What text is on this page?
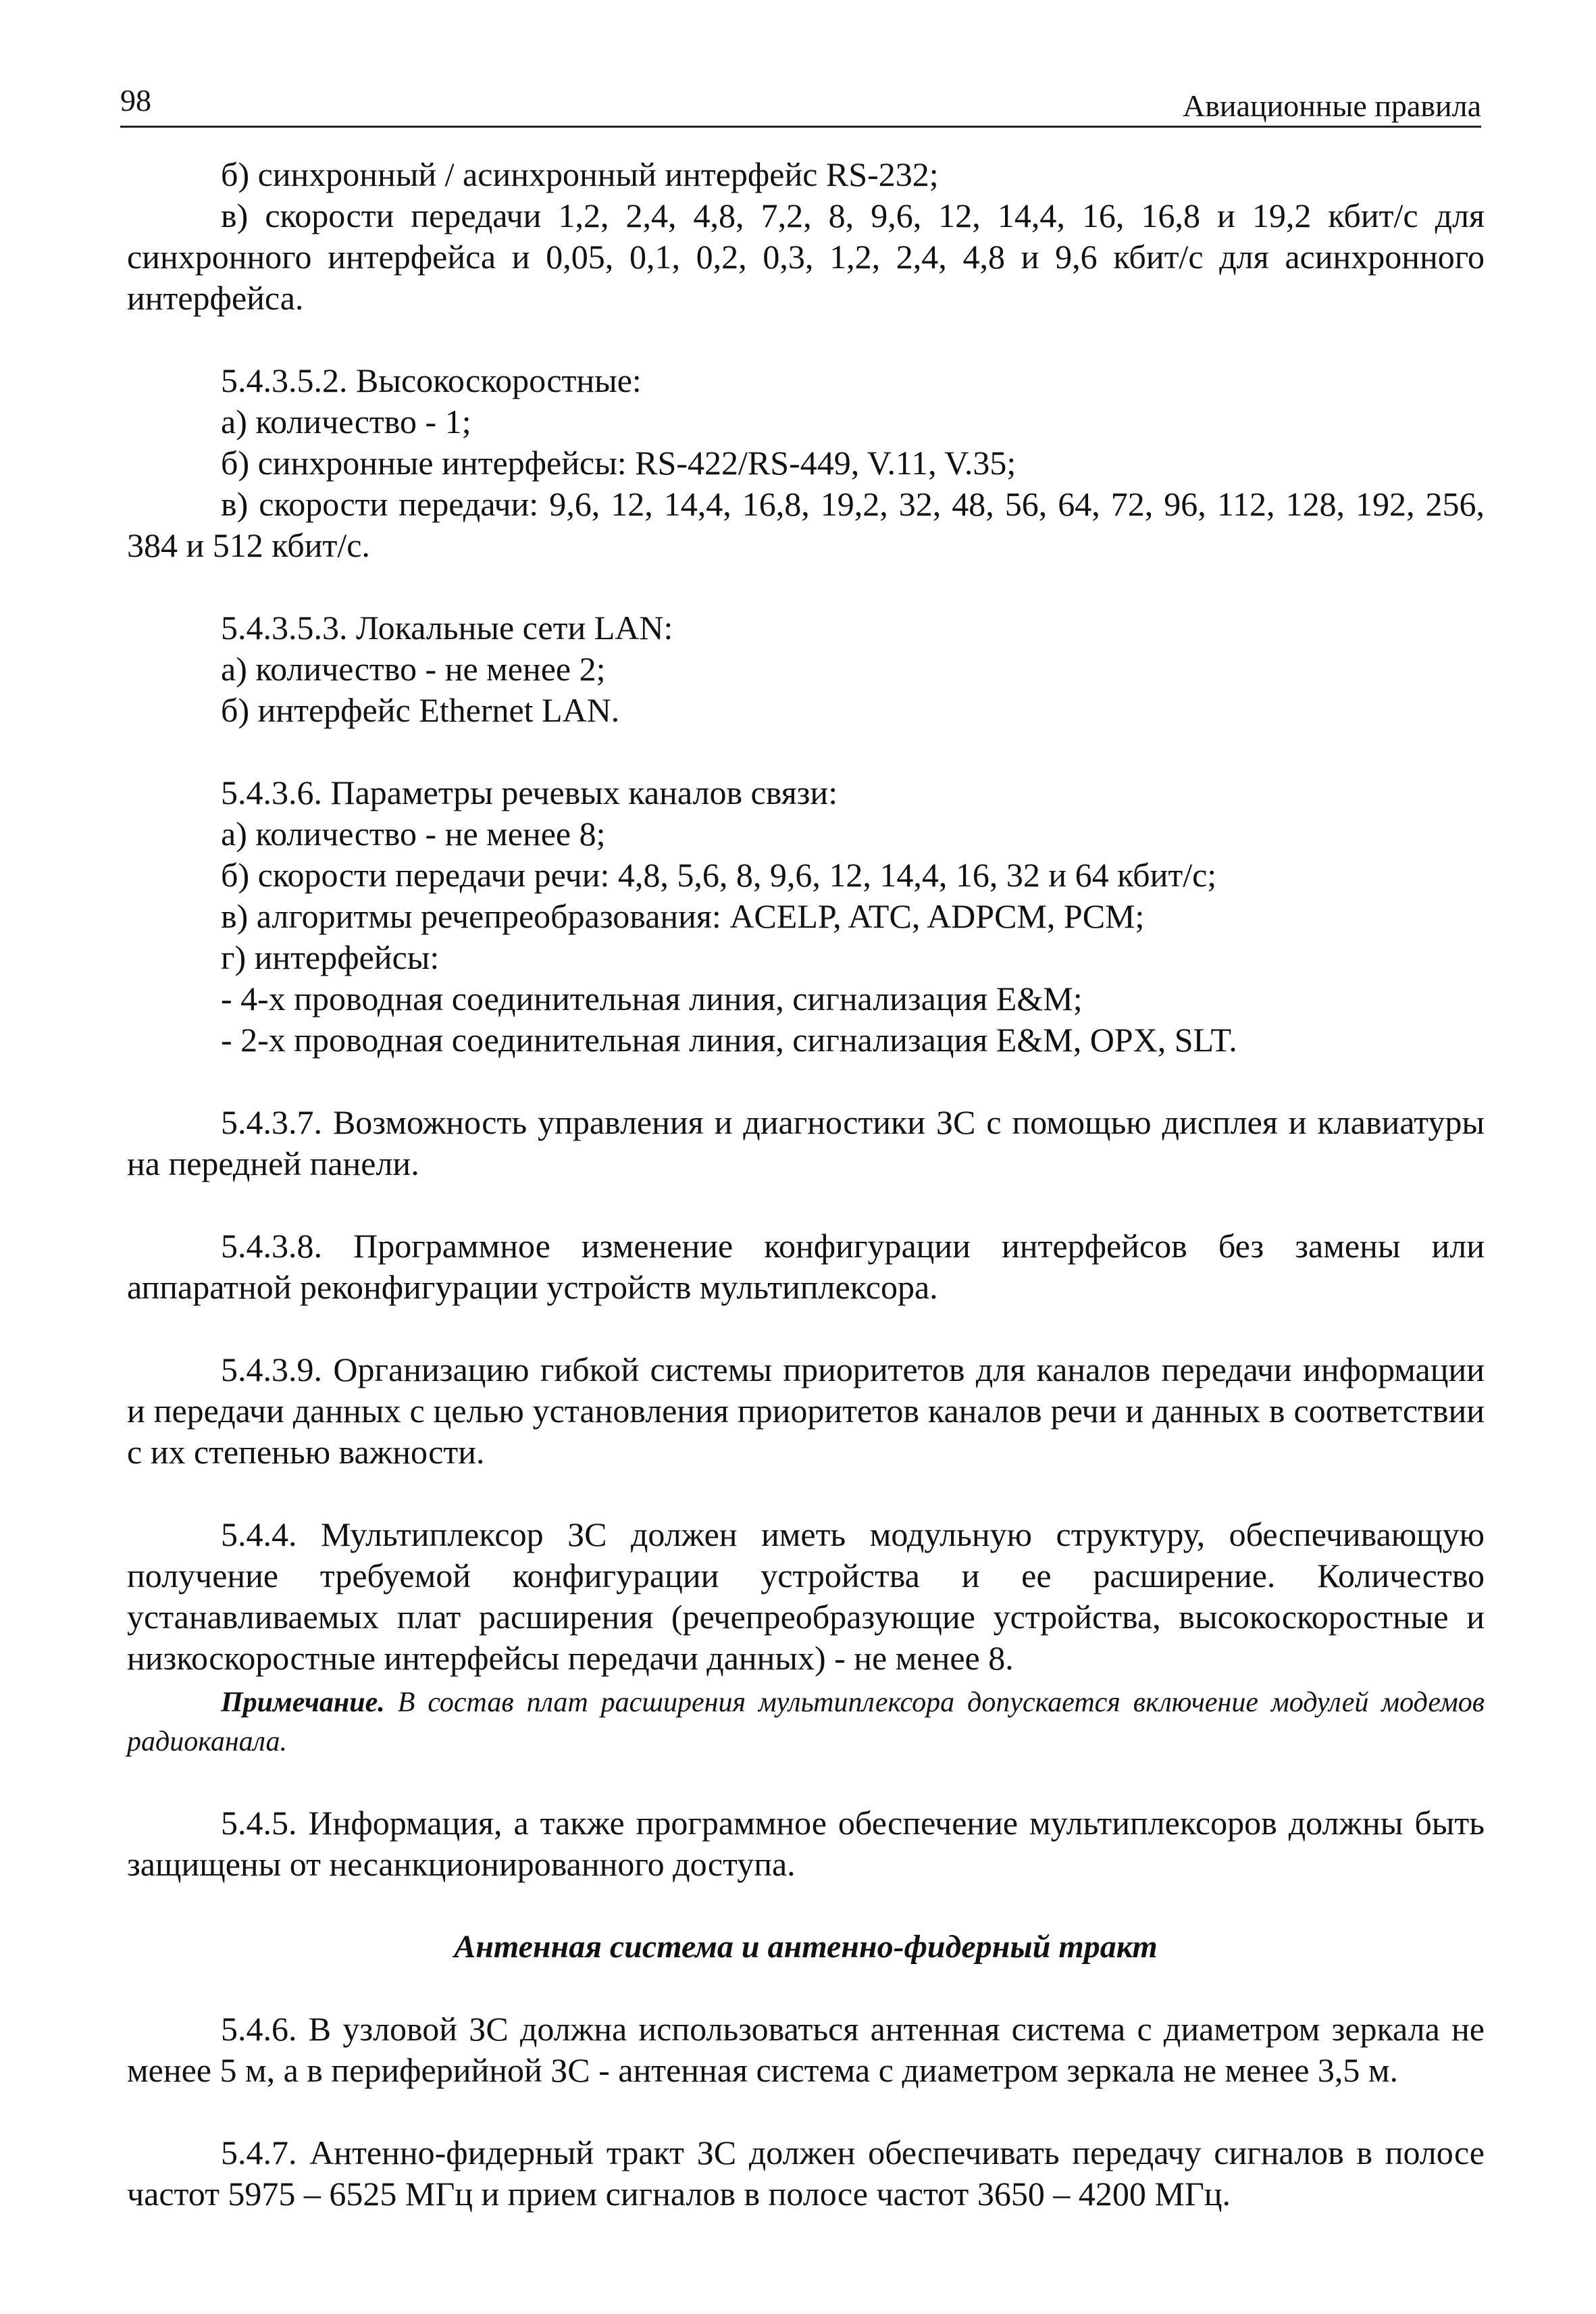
98	Авиационные правила

б) синхронный / асинхронный интерфейс RS-232;

в) скорости передачи 1,2, 2,4, 4,8, 7,2, 8, 9,6, 12, 14,4, 16, 16,8 и 19,2 кбит/с для синхронного интерфейса и 0,05, 0,1, 0,2, 0,3, 1,2, 2,4, 4,8 и 9,6 кбит/с для асинхронного интерфейса.

5.4.3.5.2. Высокоскоростные:

а) количество - 1;

б) синхронные интерфейсы: RS-422/RS-449, V.11, V.35;

в) скорости передачи: 9,6, 12, 14,4, 16,8, 19,2, 32, 48, 56, 64, 72, 96, 112, 128, 192, 256, 384 и 512 кбит/с.

5.4.3.5.3. Локальные сети LAN:

а) количество - не менее 2;

б) интерфейс Ethernet LAN.

5.4.3.6. Параметры речевых каналов связи:

а) количество - не менее 8;

б) скорости передачи речи: 4,8, 5,6, 8, 9,6, 12, 14,4, 16, 32 и 64 кбит/с;

в) алгоритмы речепреобразования: ACELP, ATC, ADPCM, PCM;

г) интерфейсы:

- 4-х проводная соединительная линия, сигнализация E&M;

- 2-х проводная соединительная линия, сигнализация E&M, OPX, SLT.

5.4.3.7. Возможность управления и диагностики ЗС с помощью дисплея и клавиатуры на передней панели.

5.4.3.8. Программное изменение конфигурации интерфейсов без замены или аппаратной реконфигурации устройств мультиплексора.

5.4.3.9. Организацию гибкой системы приоритетов для каналов передачи информации и передачи данных с целью установления приоритетов каналов речи и данных в соответствии с их степенью важности.

5.4.4. Мультиплексор ЗС должен иметь модульную структуру, обеспечивающую получение требуемой конфигурации устройства и ее расширение. Количество устанавливаемых плат расширения (речепреобразующие устройства, высокоскоростные и низкоскоростные интерфейсы передачи данных) - не менее 8.

Примечание. В состав плат расширения мультиплексора допускается включение модулей модемов радиоканала.

5.4.5. Информация, а также программное обеспечение мультиплексоров должны быть защищены от несанкционированного доступа.

Антенная система и антенно-фидерный тракт

5.4.6. В узловой ЗС должна использоваться антенная система с диаметром зеркала не менее 5 м, а в периферийной ЗС - антенная система с диаметром зеркала не менее 3,5 м.

5.4.7. Антенно-фидерный тракт ЗС должен обеспечивать передачу сигналов в полосе частот 5975 – 6525 МГц и прием сигналов в полосе частот 3650 – 4200 МГц.
